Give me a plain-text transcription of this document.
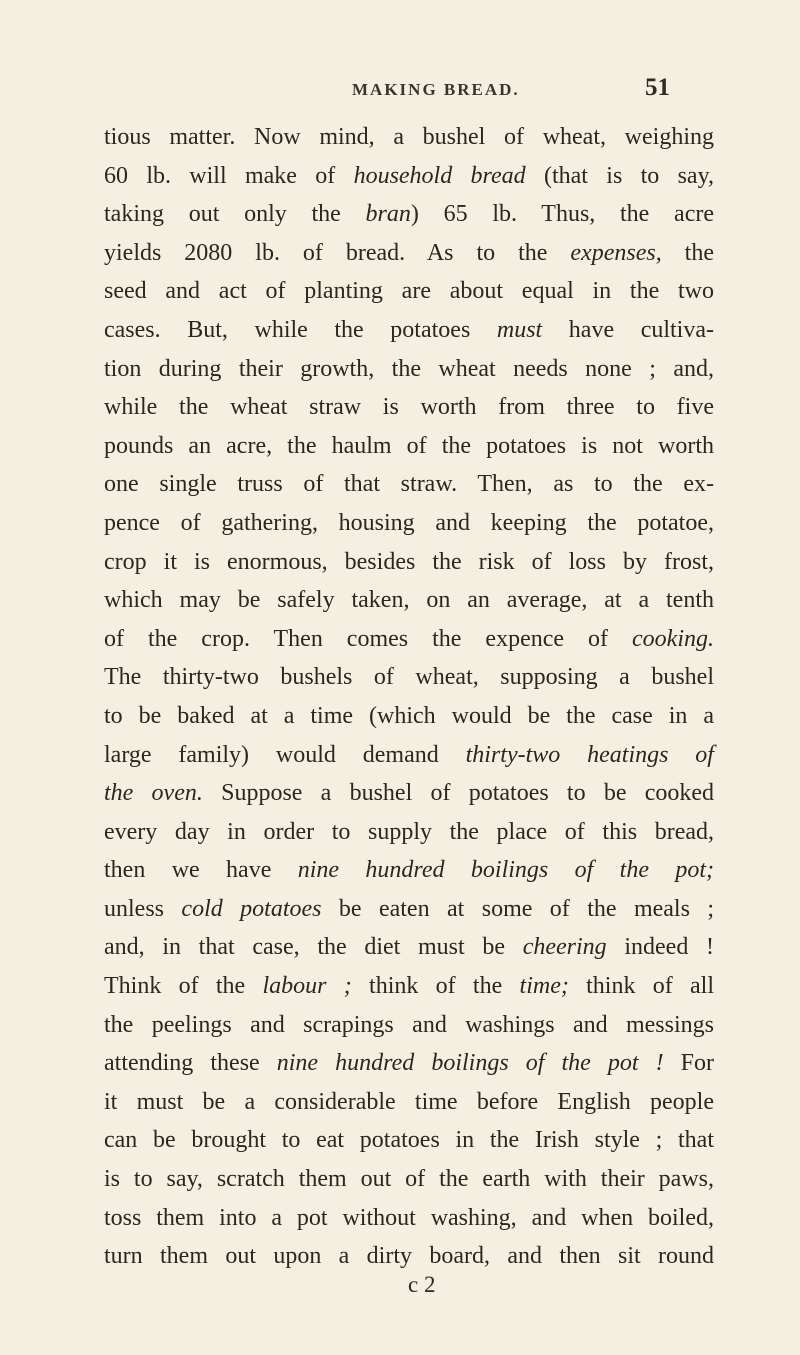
MAKING BREAD.	51
tious matter. Now mind, a bushel of wheat, weighing
60 lb. will make of household bread (that is to say,
taking out only the bran) 65 lb. Thus, the acre
yields 2080 lb. of bread. As to the expenses, the
seed and act of planting are about equal in the two
cases. But, while the potatoes must have cultiva-
tion during their growth, the wheat needs none ; and,
while the wheat straw is worth from three to five
pounds an acre, the haulm of the potatoes is not worth
one single truss of that straw. Then, as to the ex-
pence of gathering, housing and keeping the potatoe,
crop it is enormous, besides the risk of loss by frost,
which may be safely taken, on an average, at a tenth
of the crop. Then comes the expence of cooking.
The thirty-two bushels of wheat, supposing a bushel
to be baked at a time (which would be the case in a
large family) would demand thirty-two heatings of
the oven. Suppose a bushel of potatoes to be cooked
every day in order to supply the place of this bread,
then we have nine hundred boilings of the pot;
unless cold potatoes be eaten at some of the meals ;
and, in that case, the diet must be cheering indeed !
Think of the labour ; think of the time; think of all
the peelings and scrapings and washings and messings
attending these nine hundred boilings of the pot ! For
it must be a considerable time before English people
can be brought to eat potatoes in the Irish style ; that
is to say, scratch them out of the earth with their paws,
toss them into a pot without washing, and when boiled,
turn them out upon a dirty board, and then sit round
c 2
